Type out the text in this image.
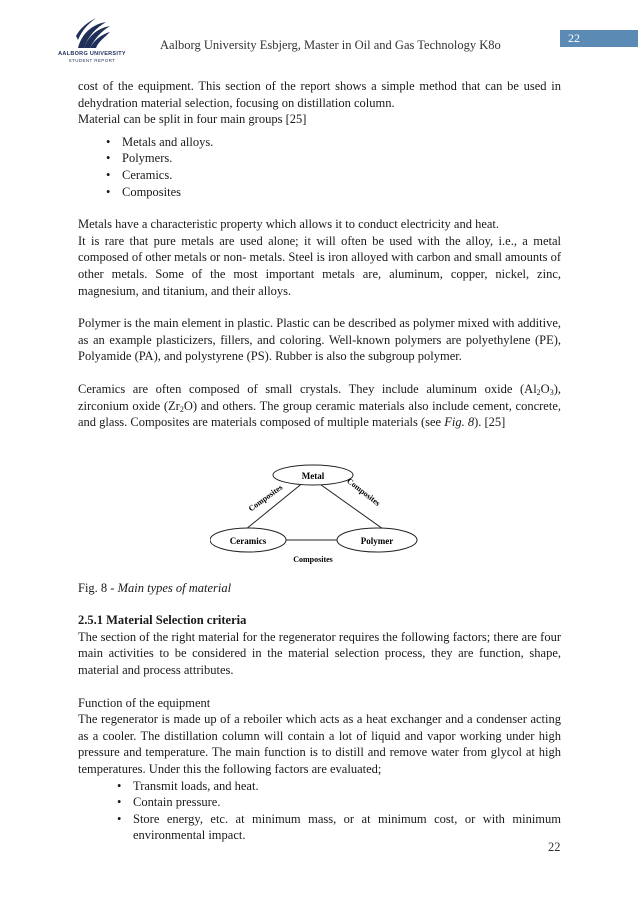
AALBORG UNIVERSITY
STUDENT REPORT
Aalborg University Esbjerg, Master in Oil and Gas Technology K8o	22

cost of the equipment. This section of the report shows a simple method that can be used in dehydration material selection, focusing on distillation column.

Material can be split in four main groups [25]

• Metals and alloys.
• Polymers.
• Ceramics.
• Composites

Metals have a characteristic property which allows it to conduct electricity and heat.

It is rare that pure metals are used alone; it will often be used with the alloy, i.e., a metal composed of other metals or non- metals. Steel is iron alloyed with carbon and small amounts of other metals. Some of the most important metals are, aluminum, copper, nickel, zinc, magnesium, and titanium, and their alloys.

Polymer is the main element in plastic. Plastic can be described as polymer mixed with additive, as an example plasticizers, fillers, and coloring. Well-known polymers are polyethylene (PE), Polyamide (PA), and polystyrene (PS). Rubber is also the subgroup polymer.

Ceramics are often composed of small crystals. They include aluminum oxide $(Al_2O_3)$, zirconium oxide $(Zr_2O)$ and others. The group ceramic materials also include cement, concrete, and glass. Composites are materials composed of multiple materials (see Fig. 8). [25]

Metal
Ceramics	Polymer
Composites	Composites
Composites

Fig. 8 - Main types of material

2.5.1 Material Selection criteria

The section of the right material for the regenerator requires the following factors; there are four main activities to be considered in the material selection process, they are function, shape, material and process attributes.

Function of the equipment

The regenerator is made up of a reboiler which acts as a heat exchanger and a condenser acting as a cooler. The distillation column will contain a lot of liquid and vapor working under high pressure and temperature. The main function is to distill and remove water from glycol at high temperatures. Under this the following factors are evaluated;

• Transmit loads, and heat.
• Contain pressure.
• Store energy, etc. at minimum mass, or at minimum cost, or with minimum environmental impact.
22
